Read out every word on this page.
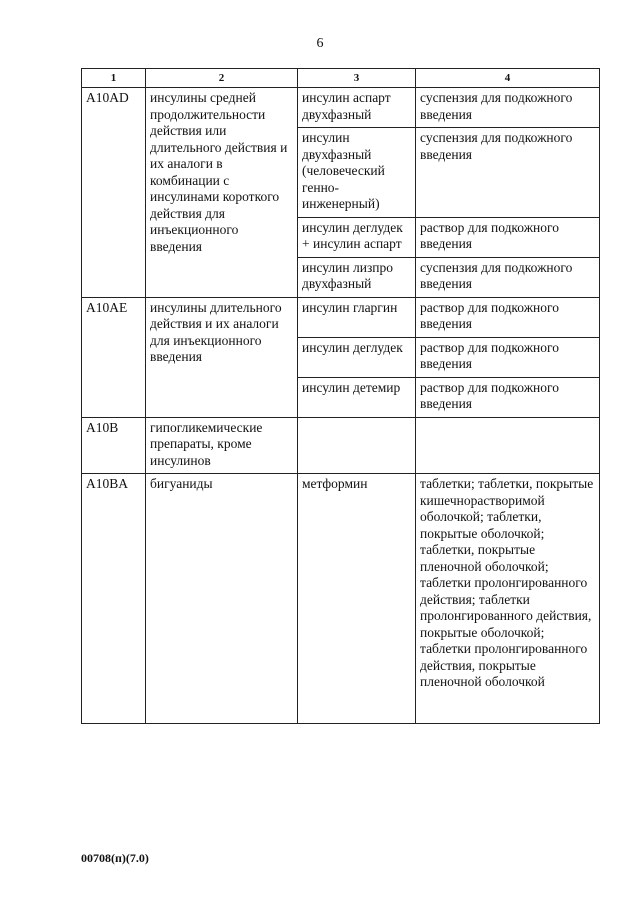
6
1	2	3	4
A10AD	инсулины средней продолжительности действия или длительного действия и их аналоги в комбинации с инсулинами короткого действия для инъекционного введения	инсулин аспарт двухфазный	суспензия для подкожного введения
		инсулин двухфазный (человеческий генно-инженерный)	суспензия для подкожного введения
		инсулин деглудек + инсулин аспарт	раствор для подкожного введения
		инсулин лизпро двухфазный	суспензия для подкожного введения
A10AE	инсулины длительного действия и их аналоги для инъекционного введения	инсулин гларгин	раствор для подкожного введения
		инсулин деглудек	раствор для подкожного введения
		инсулин детемир	раствор для подкожного введения
A10B	гипогликемические препараты, кроме инсулинов		
A10BA	бигуаниды	метформин	таблетки; таблетки, покрытые кишечнорастворимой оболочкой; таблетки, покрытые оболочкой; таблетки, покрытые пленочной оболочкой; таблетки пролонгированного действия; таблетки пролонгированного действия, покрытые оболочкой; таблетки пролонгированного действия, покрытые пленочной оболочкой
00708(п)(7.0)
